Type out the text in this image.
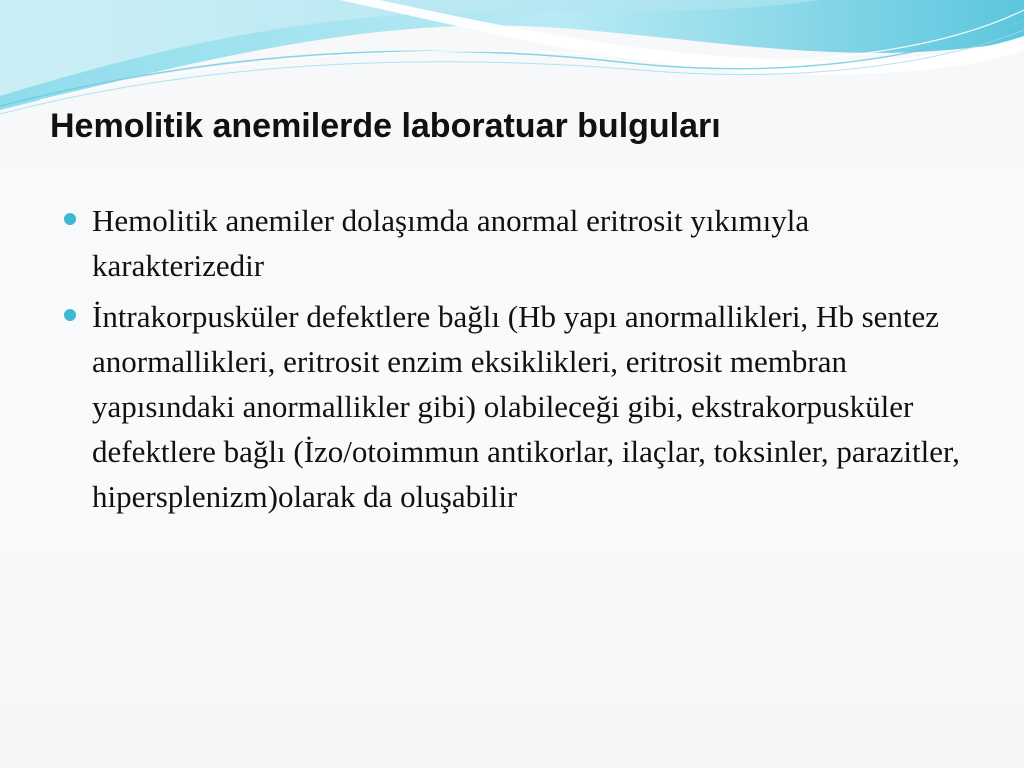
Hemolitik anemilerde laboratuar bulguları
Hemolitik anemiler dolaşımda anormal eritrosit yıkımıyla karakterizedir
İntrakorpusküler defektlere bağlı (Hb yapı anormallikleri, Hb sentez anormallikleri, eritrosit enzim eksiklikleri, eritrosit membran yapısındaki anormallikler gibi) olabileceği gibi, ekstrakorpusküler defektlere bağlı (İzo/otoimmun antikorlar, ilaçlar, toksinler, parazitler, hipersplenizm)olarak da oluşabilir
